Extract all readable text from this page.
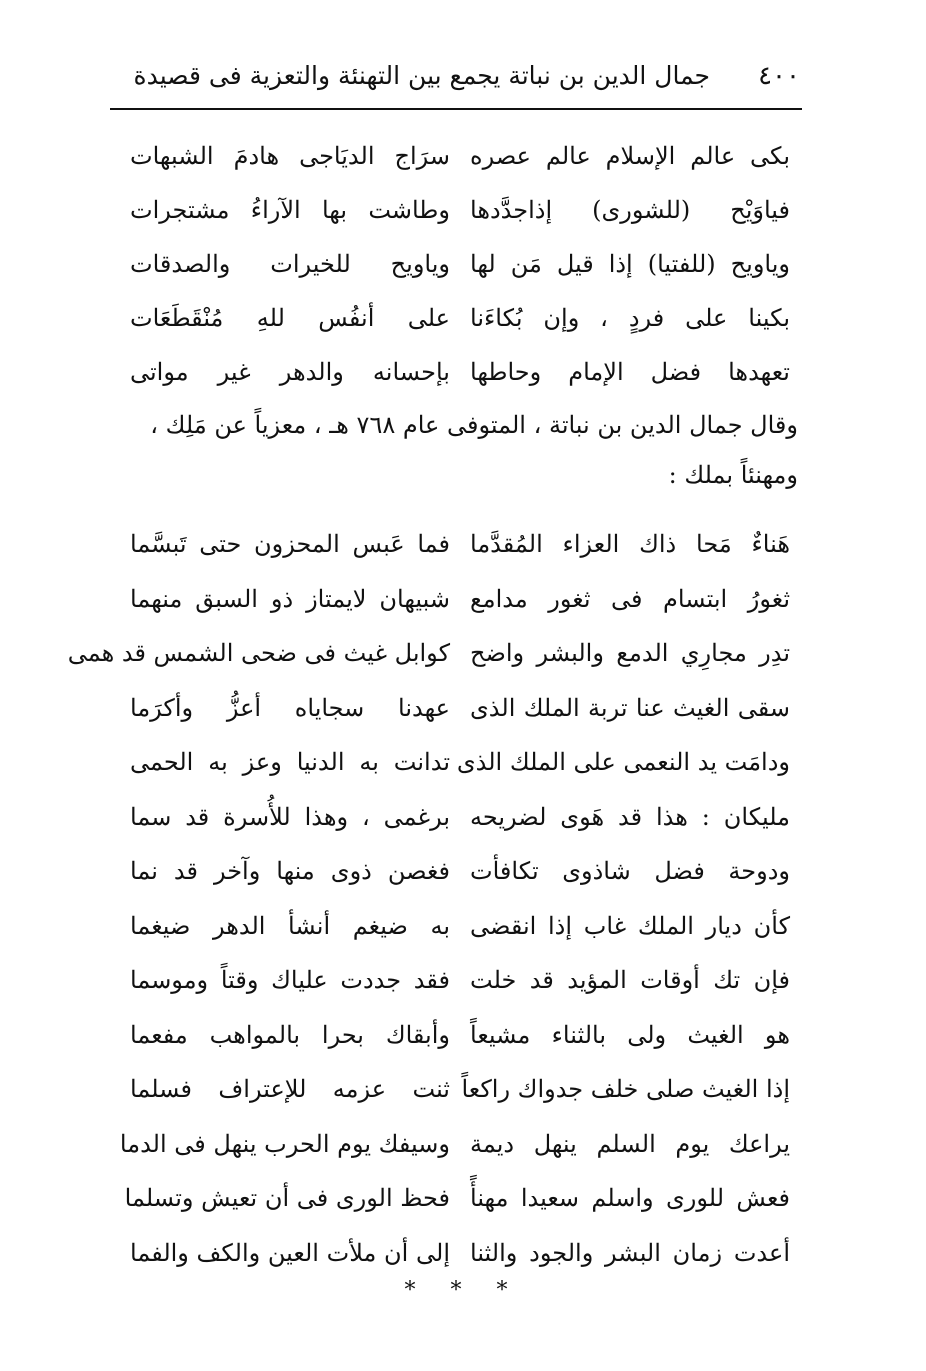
٤٠٠
جمال الدين بن نباتة يجمع بين التهنئة والتعزية فى قصيدة
بكى عالم الإسلام عالم عصره
سرَاج الديَاجى هادمَ الشبهات
فياوَيْح (للشورى) إذاجدَّدها
وطاشت بها الآراءُ مشتجرات
وياويح (للفتيا) إذا قيل مَن لها
وياويح للخيرات والصدقات
بكينا على فردٍ ، وإن بُكاءَنا
على أنفُس للهِ مُنْقَطَعَات
تعهدها فضل الإمام وحاطها
بإحسانه والدهر غير مواتى

وقال جمال الدين بن نباتة ، المتوفى عام ٧٦٨ هـ ، معزياً عن مَلِك ،

ومهنئاً بملك :

هَناءٌ مَحا ذاك العزاء المُقدَّما
فما عَبس المحزون حتى تَبسَّما
ثغورُ ابتسام فى ثغور مدامع
شبيهان لايمتاز ذو السبق منهما
تدِر مجارِي الدمع والبشر واضح
كوابل غيث فى ضحى الشمس قد همى
سقى الغيث عنا تربة الملك الذى
عهدنا سجاياه أعزُّ وأكرَما
ودامَت يد النعمى على الملك الذى
تدانت به الدنيا وعز به الحمى
مليكان : هذا قد هَوى لضريحه
برغمى ، وهذا للأُسرة قد سما
ودوحة فضل شاذوى تكافأت
فغصن ذوى منها وآخر قد نما
كأن ديار الملك غاب إذا انقضى
به ضيغم أنشأ الدهر ضيغما
فإن تك أوقات المؤيد قد خلت
فقد جددت علياك وقتاً وموسما
هو الغيث ولى بالثناء مشيعاً
وأبقاك بحرا بالمواهب مفعما
إذا الغيث صلى خلف جدواك راكعاً
ثنت عزمه للإعتراف فسلما
يراعك يوم السلم ينهل ديمة
وسيفك يوم الحرب ينهل فى الدما
فعش للورى واسلم سعيدا مهنأً
فحظ الورى فى أن تعيش وتسلما
أعدت زمان البشر والجود والثنا
إلى أن ملأت العين والكف والفما
* * *
